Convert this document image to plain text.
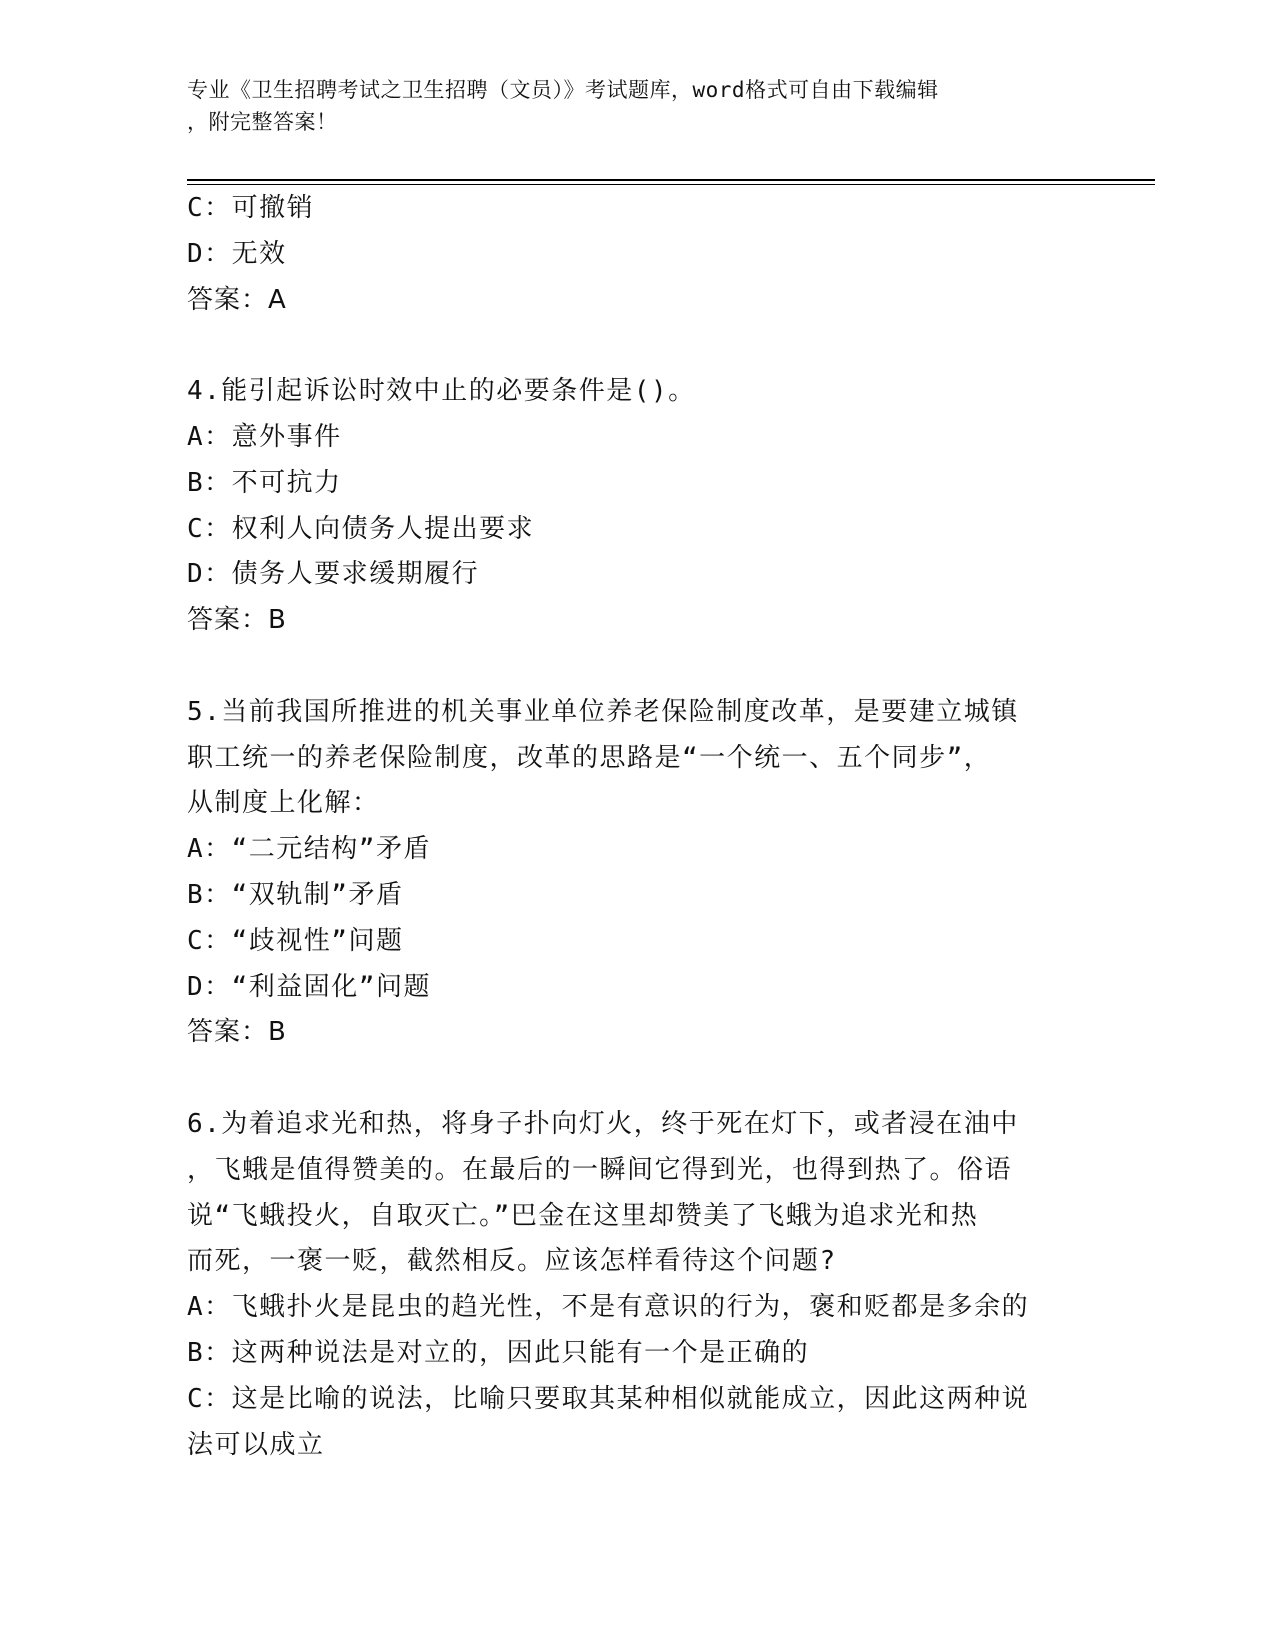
专业《卫生招聘考试之卫生招聘（文员）》考试题库，word格式可自由下载编辑
，附完整答案！
C：可撤销
D：无效
答案：A
4.能引起诉讼时效中止的必要条件是()。
A：意外事件
B：不可抗力
C：权利人向债务人提出要求
D：债务人要求缓期履行
答案：B
5.当前我国所推进的机关事业单位养老保险制度改革，是要建立城镇
职工统一的养老保险制度，改革的思路是“一个统一、五个同步”，
从制度上化解：
A：“二元结构”矛盾
B：“双轨制”矛盾
C：“歧视性”问题
D：“利益固化”问题
答案：B
6.为着追求光和热，将身子扑向灯火，终于死在灯下，或者浸在油中
，飞蛾是值得赞美的。在最后的一瞬间它得到光，也得到热了。俗语
说“飞蛾投火，自取灭亡。”巴金在这里却赞美了飞蛾为追求光和热
而死，一褒一贬，截然相反。应该怎样看待这个问题?
A：飞蛾扑火是昆虫的趋光性，不是有意识的行为，褒和贬都是多余的
B：这两种说法是对立的，因此只能有一个是正确的
C：这是比喻的说法，比喻只要取其某种相似就能成立，因此这两种说
法可以成立
